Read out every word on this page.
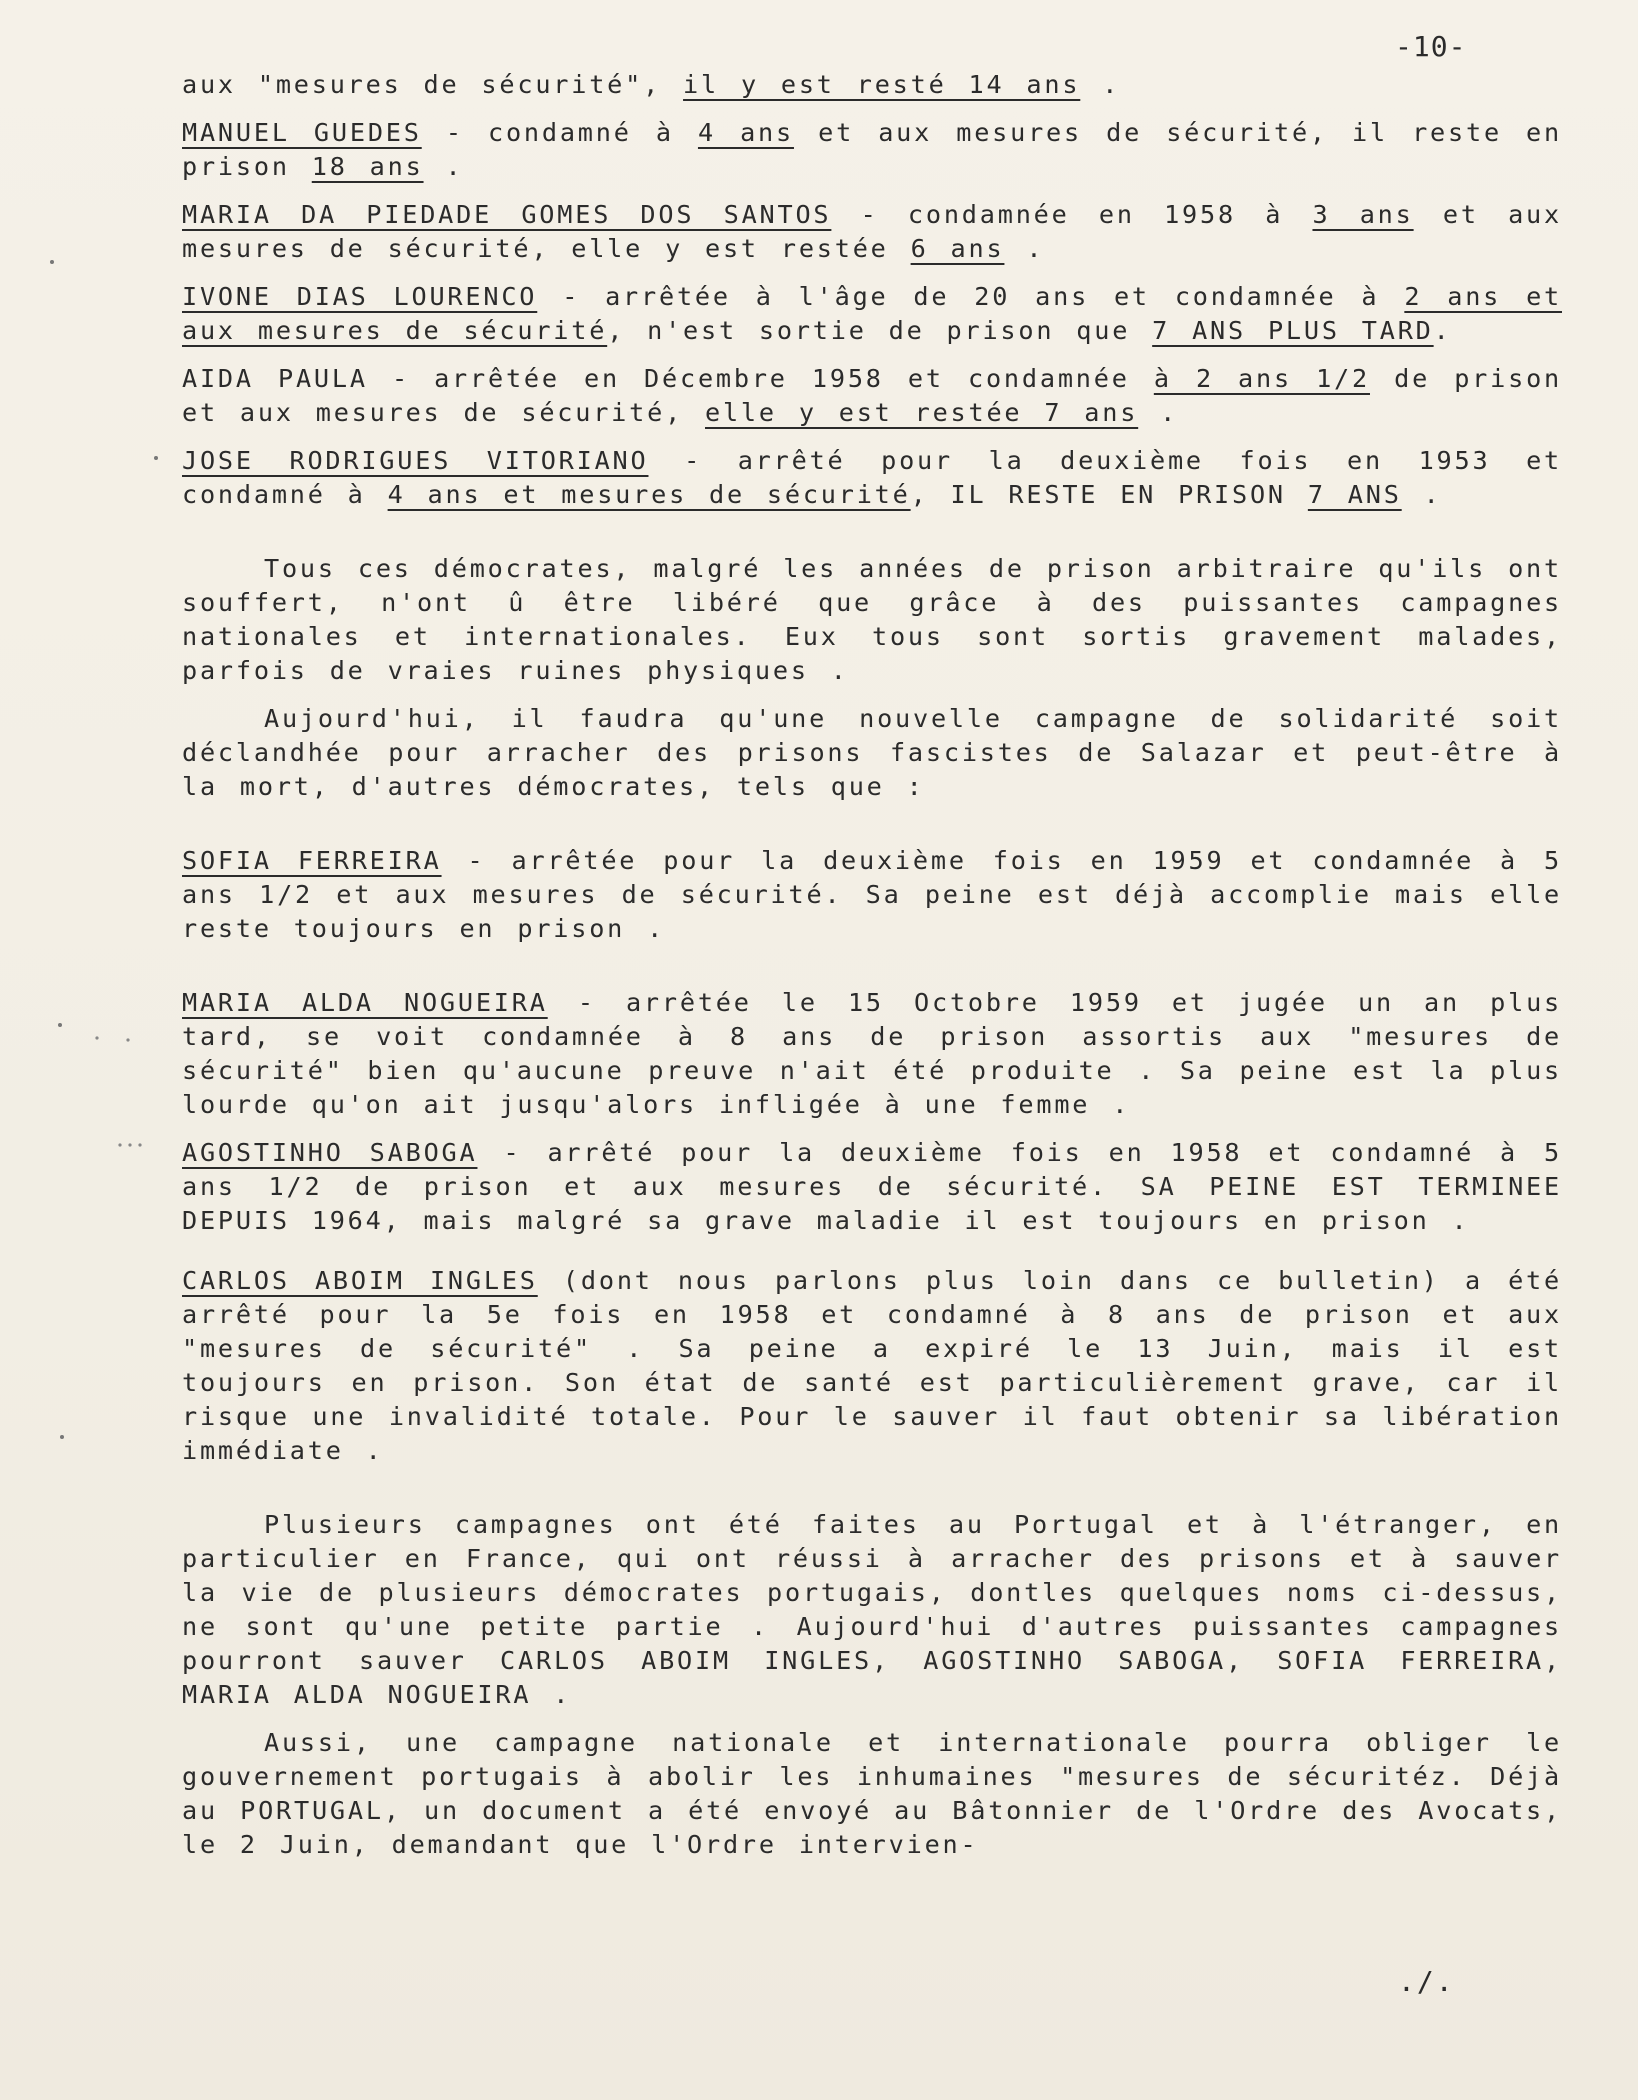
-10-

aux "mesures de sécurité", il y est resté 14 ans .

MANUEL GUEDES - condamné à 4 ans et aux mesures de sécurité, il reste en prison 18 ans .

MARIA DA PIEDADE GOMES DOS SANTOS - condamnée en 1958 à 3 ans et aux mesures de sécurité, elle y est restée 6 ans .

IVONE DIAS LOURENCO - arrêtée à l'âge de 20 ans et condamnée à 2 ans et aux mesures de sécurité, n'est sortie de prison que 7 ANS PLUS TARD.

AIDA PAULA - arrêtée en Décembre 1958 et condamnée à 2 ans 1/2 de prison et aux mesures de sécurité, elle y est restée 7 ans .

JOSE RODRIGUES VITORIANO - arrêté pour la deuxième fois en 1953 et condamné à 4 ans et mesures de sécurité, IL RESTE EN PRISON 7 ANS .

Tous ces démocrates, malgré les années de prison arbitraire qu'ils ont souffert, n'ont û être libéré que grâce à des puissantes campagnes nationales et internationales. Eux tous sont sortis gravement malades, parfois de vraies ruines physiques .

Aujourd'hui, il faudra qu'une nouvelle campagne de solidarité soit déclandhée pour arracher des prisons fascistes de Salazar et peut-être à la mort, d'autres démocrates, tels que :

SOFIA FERREIRA - arrêtée pour la deuxième fois en 1959 et condamnée à 5 ans 1/2 et aux mesures de sécurité. Sa peine est déjà accomplie mais elle reste toujours en prison .

MARIA ALDA NOGUEIRA - arrêtée le 15 Octobre 1959 et jugée un an plus tard, se voit condamnée à 8 ans de prison assortis aux "mesures de sécurité" bien qu'aucune preuve n'ait été produite . Sa peine est la plus lourde qu'on ait jusqu'alors infligée à une femme .

AGOSTINHO SABOGA - arrêté pour la deuxième fois en 1958 et condamné à 5 ans 1/2 de prison et aux mesures de sécurité. SA PEINE EST TERMINEE DEPUIS 1964, mais malgré sa grave maladie il est toujours en prison .

CARLOS ABOIM INGLES (dont nous parlons plus loin dans ce bulletin) a été arrêté pour la 5e fois en 1958 et condamné à 8 ans de prison et aux "mesures de sécurité" . Sa peine a expiré le 13 Juin, mais il est toujours en prison. Son état de santé est particulièrement grave, car il risque une invalidité totale. Pour le sauver il faut obtenir sa libération immédiate .

Plusieurs campagnes ont été faites au Portugal et à l'étranger, en particulier en France, qui ont réussi à arracher des prisons et à sauver la vie de plusieurs démocrates portugais, dontles quelques noms ci-dessus, ne sont qu'une petite partie . Aujourd'hui d'autres puissantes campagnes pourront sauver CARLOS ABOIM INGLES, AGOSTINHO SABOGA, SOFIA FERREIRA, MARIA ALDA NOGUEIRA .

Aussi, une campagne nationale et internationale pourra obliger le gouvernement portugais à abolir les inhumaines "mesures de sécuritéz. Déjà au PORTUGAL, un document a été envoyé au Bâtonnier de l'Ordre des Avocats, le 2 Juin, demandant que l'Ordre intervien-

./.
